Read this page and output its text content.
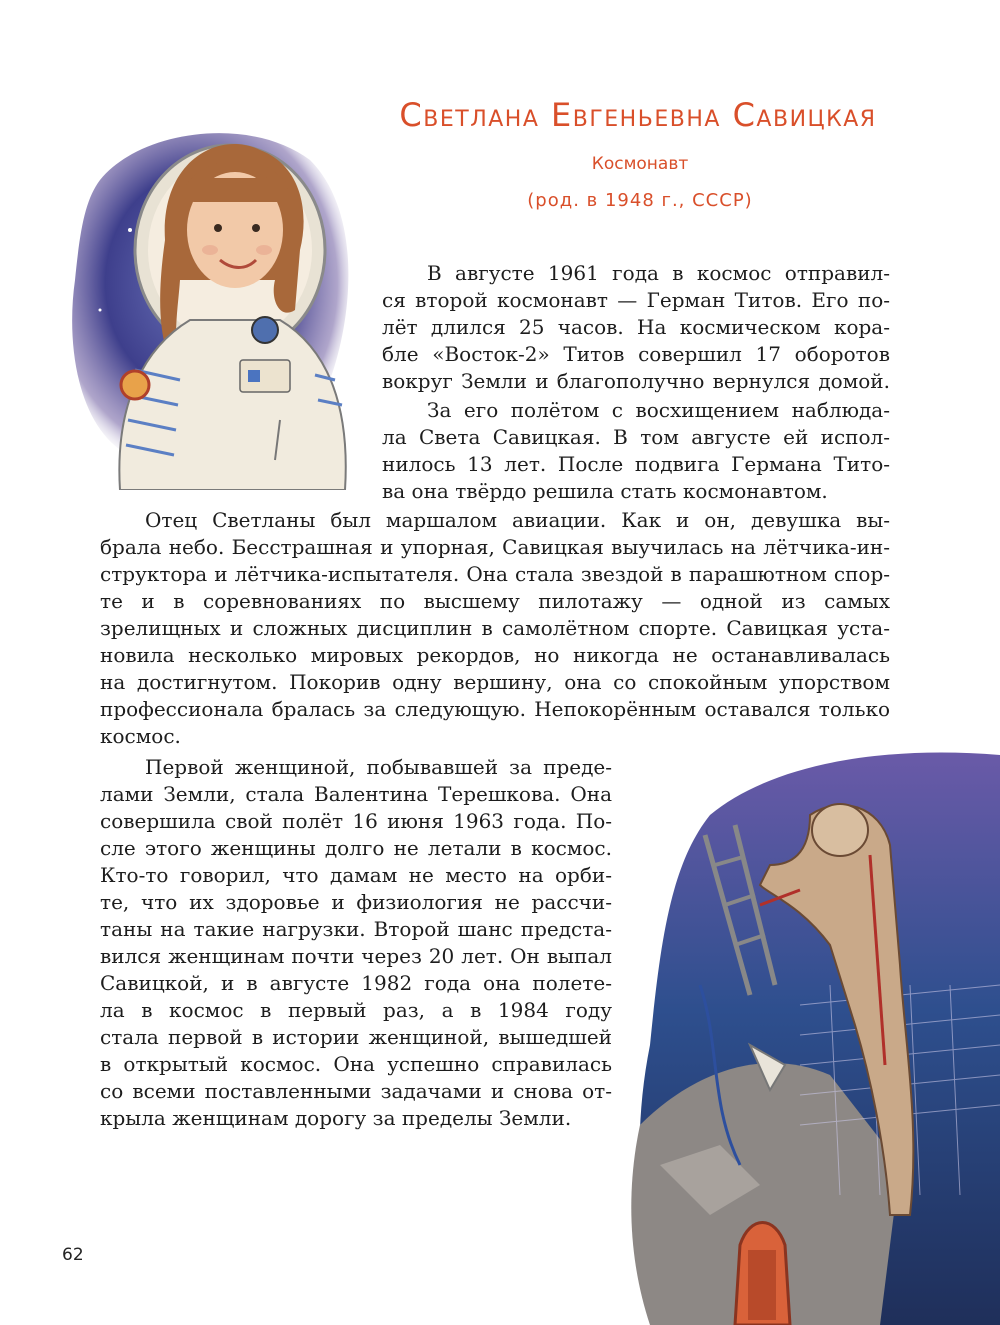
Светлана Евгеньевна Савицкая

Космонавт

(род. в 1948 г., СССР)

В августе 1961 года в космос отправил-
ся второй космонавт — Герман Титов. Его по-
лёт длился 25 часов. На космическом кора-
бле «Восток-2» Титов совершил 17 оборотов
вокруг Земли и благополучно вернулся домой.
За его полётом с восхищением наблюда-
ла Света Савицкая. В том августе ей испол-
нилось 13 лет. После подвига Германа Тито-
ва она твёрдо решила стать космонавтом.
Отец Светланы был маршалом авиации. Как и он, девушка вы-
брала небо. Бесстрашная и упорная, Савицкая выучилась на лётчика-ин-
структора и лётчика-испытателя. Она стала звездой в парашютном спор-
те и в соревнованиях по высшему пилотажу — одной из самых
зрелищных и сложных дисциплин в самолётном спорте. Савицкая уста-
новила несколько мировых рекордов, но никогда не останавливалась
на достигнутом. Покорив одну вершину, она со спокойным упорством
профессионала бралась за следующую. Непокорённым оставался только
космос.
Первой женщиной, побывавшей за преде-
лами Земли, стала Валентина Терешкова. Она
совершила свой полёт 16 июня 1963 года. По-
сле этого женщины долго не летали в космос.
Кто-то говорил, что дамам не место на орби-
те, что их здоровье и физиология не рассчи-
таны на такие нагрузки. Второй шанс предста-
вился женщинам почти через 20 лет. Он выпал
Савицкой, и в августе 1982 года она полете-
ла в космос в первый раз, а в 1984 году
стала первой в истории женщиной, вышедшей
в открытый космос. Она успешно справилась
со всеми поставленными задачами и снова от-
крыла женщинам дорогу за пределы Земли.
62
